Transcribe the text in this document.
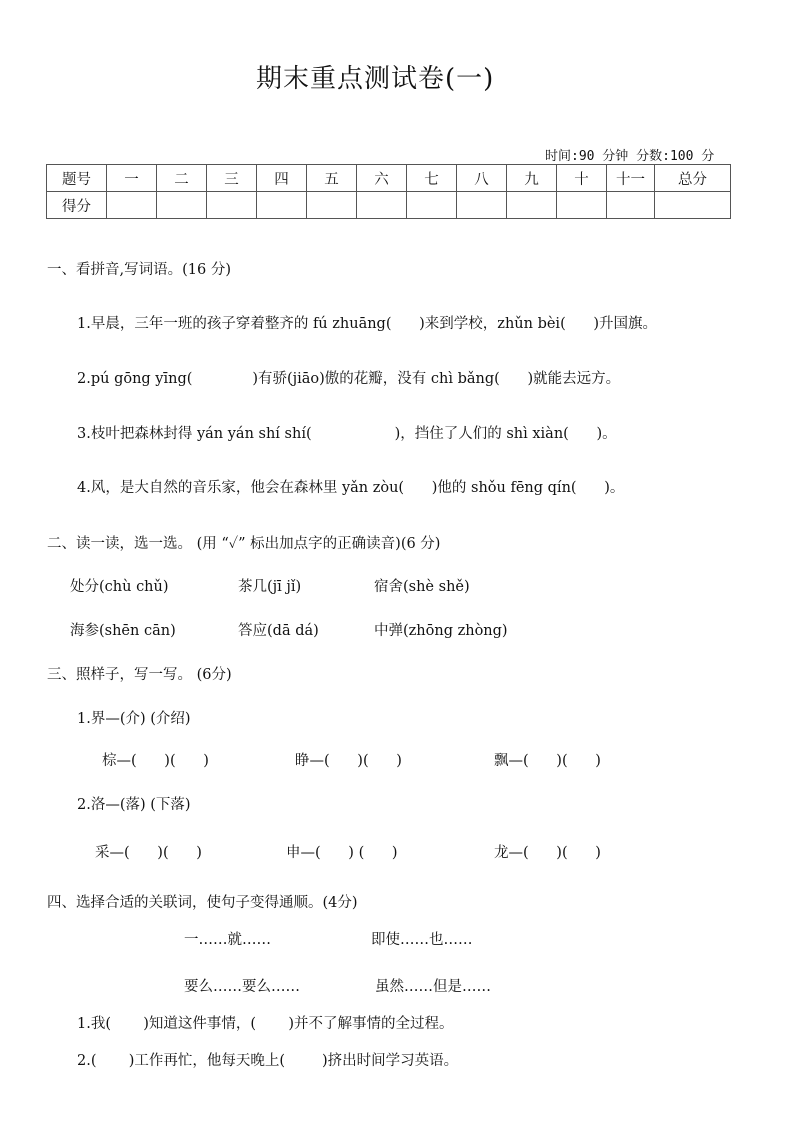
期末重点测试卷(一)
时间:90 分钟 分数:100 分
题号	一	二	三	四	五	六	七	八	九	十	十一	总分
得分												
一、看拼音,写词语。(16 分)
1.早晨，三年一班的孩子穿着整齐的 fú zhuāng(      )来到学校，zhǔn bèi(      )升国旗。
2.pú gōng yīng(             )有骄(jiāo)傲的花瓣，没有 chì bǎng(      )就能去远方。
3.枝叶把森林封得 yán yán shí shí(                  )，挡住了人们的 shì xiàn(      )。
4.风，是大自然的音乐家，他会在森林里 yǎn zòu(      )他的 shǒu fēng qín(      )。
二、读一读，选一选。 (用 “✓” 标出加点字的正确读音)(6 分)
处分(chù chǔ)	茶几(jī jǐ)	宿舍(shè shě)
海参(shēn cān)	答应(dā dá)	中弹(zhōng zhòng)
三、照样子，写一写。 (6分)
1.界—(介) (介绍)
棕—(      )(      )	睁—(      )(      )	飘—(      )(      )
2.洛—(落) (下落)
采—(      )(      )	申—(      ) (      )	龙—(      )(      )
四、选择合适的关联词，使句子变得通顺。(4分)
一……就……	即使……也……
要么……要么……	虽然……但是……
1.我(       )知道这件事情，(       )并不了解事情的全过程。
2.(       )工作再忙，他每天晚上(        )挤出时间学习英语。
